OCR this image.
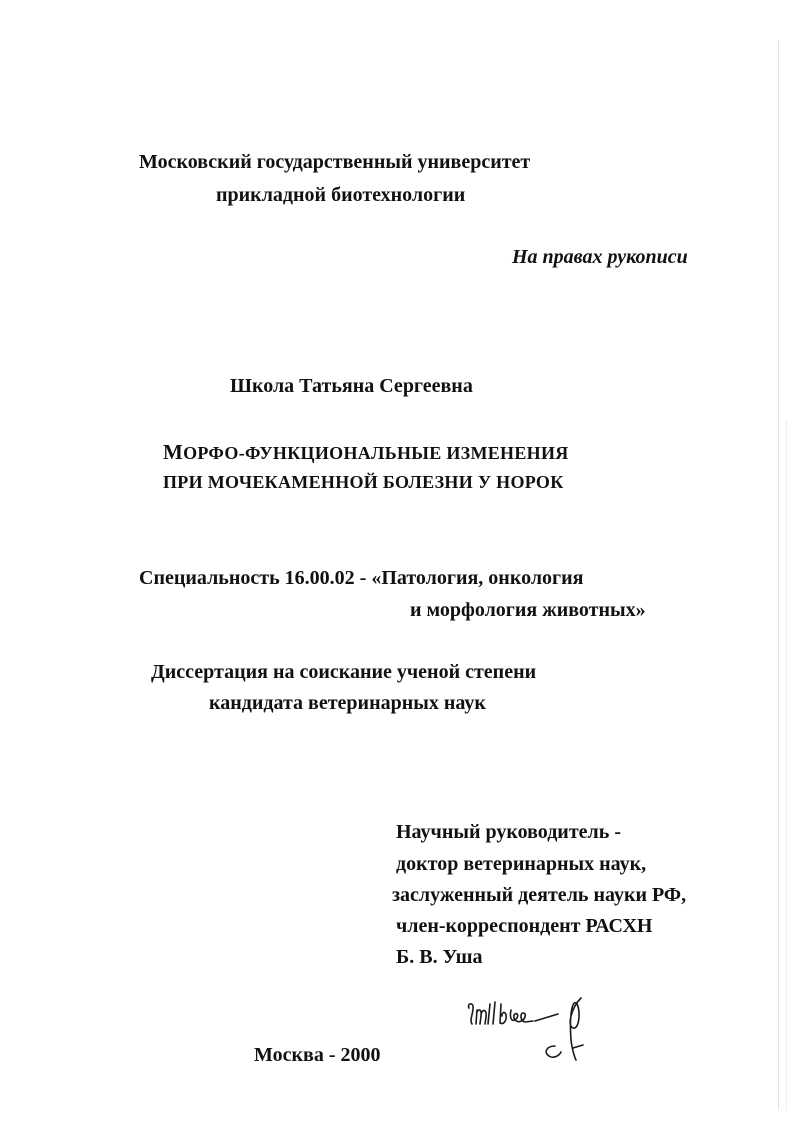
Московский государственный университет
прикладной биотехнологии
На правах рукописи
Школа Татьяна Сергеевна
МОРФО-ФУНКЦИОНАЛЬНЫЕ ИЗМЕНЕНИЯ
ПРИ МОЧЕКАМЕННОЙ БОЛЕЗНИ У НОРОК
Специальность 16.00.02 - «Патология, онкология
и морфология животных»
Диссертация на соискание ученой степени
кандидата ветеринарных наук
Научный руководитель -
доктор ветеринарных наук,
заслуженный деятель науки РФ,
член-корреспондент РАСХН
Б. В. Уша
Москва - 2000
